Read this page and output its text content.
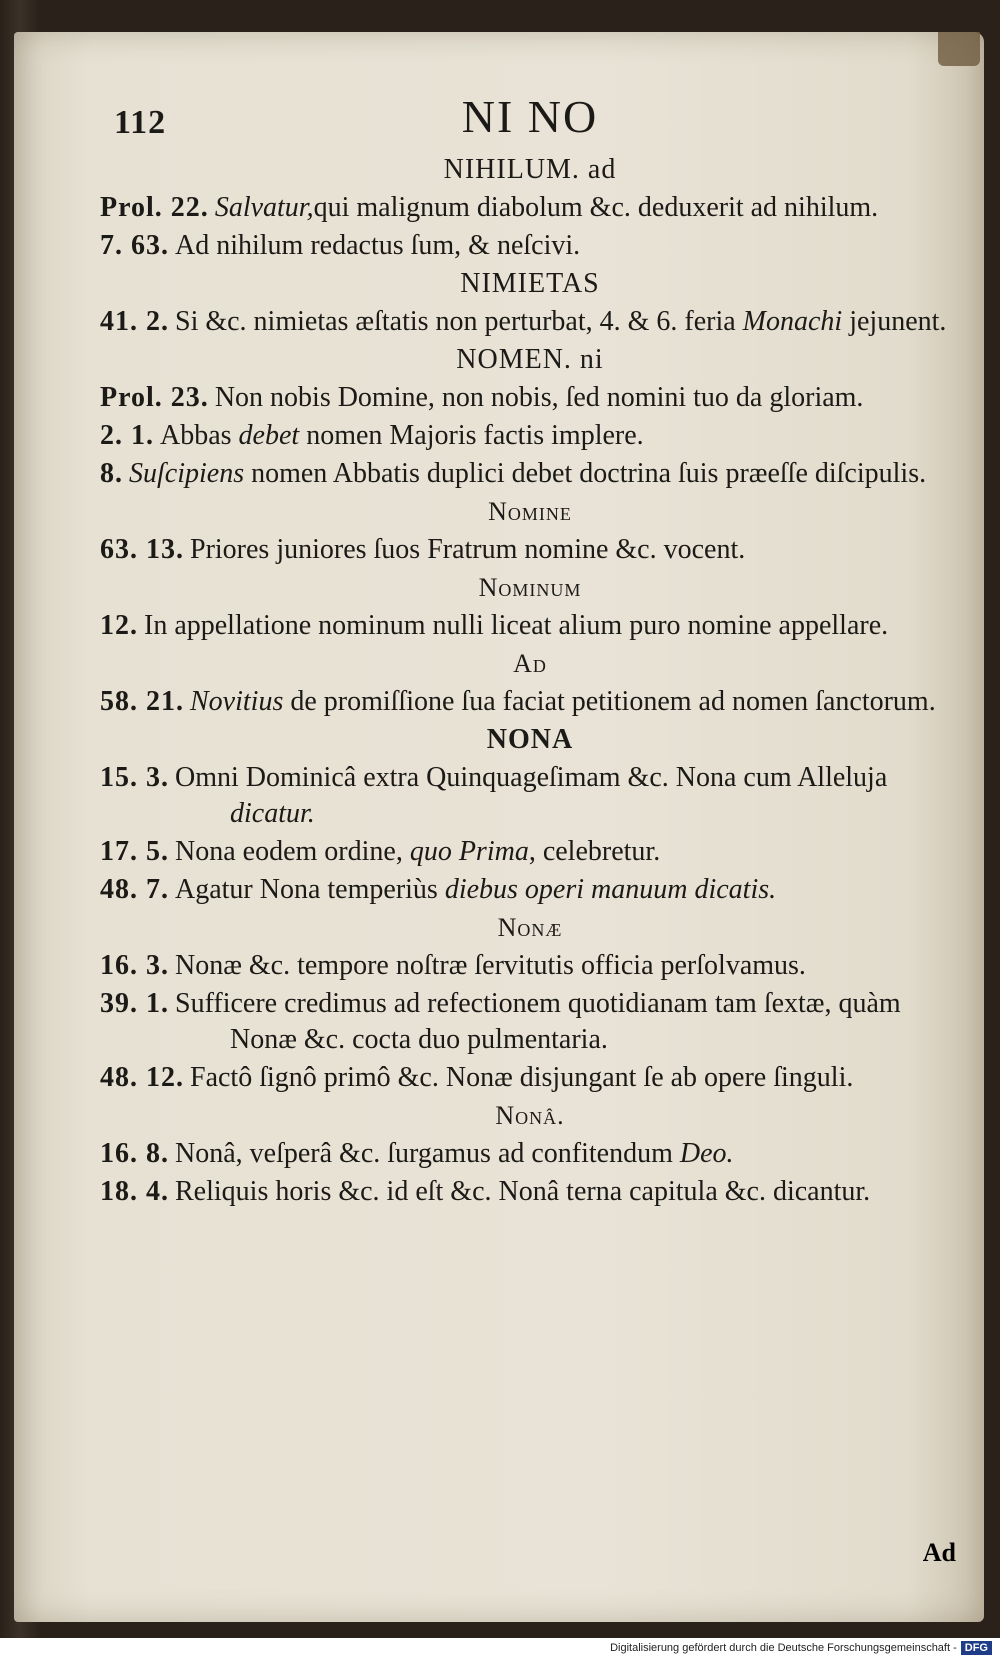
112	NI NO
NIHILUM. ad
Prol. 22. Salvatur,qui malignum diabolum &c. deduxerit ad nihilum.
7. 63. Ad nihilum redactus ſum, & neſcivi.
NIMIETAS
41. 2. Si &c. nimietas æſtatis non perturbat, 4. & 6. feria Monachi jejunent.
NOMEN. ni
Prol. 23. Non nobis Domine, non nobis, ſed nomini tuo da gloriam.
2. 1. Abbas debet nomen Majoris factis implere.
8. Suſcipiens nomen Abbatis duplici debet doctrina ſuis præeſſe diſcipulis.
Nomine
63. 13. Priores juniores ſuos Fratrum nomine &c. vocent.
Nominum
12. In appellatione nominum nulli liceat alium puro nomine appellare.
Ad
58. 21. Novitius de promiſſione ſua faciat petitionem ad nomen ſanctorum.
NONA
15. 3. Omni Dominicâ extra Quinquageſimam &c. Nona cum Alleluja dicatur.
17. 5. Nona eodem ordine, quo Prima, celebretur.
48. 7. Agatur Nona temperiùs diebus operi manuum dicatis.
Nonæ
16. 3. Nonæ &c. tempore noſtræ ſervitutis officia perſolvamus.
39. 1. Sufficere credimus ad refectionem quotidianam tam ſextæ, quàm Nonæ &c. cocta duo pulmentaria.
48. 12. Factô ſignô primô &c. Nonæ disjungant ſe ab opere ſinguli.
Nonâ.
16. 8. Nonâ, veſperâ &c. ſurgamus ad confitendum Deo.
18. 4. Reliquis horis &c. id eſt &c. Nonâ terna capitula &c. dicantur.
Ad
Digitalisierung gefördert durch die Deutsche Forschungsgemeinschaft - DFG
